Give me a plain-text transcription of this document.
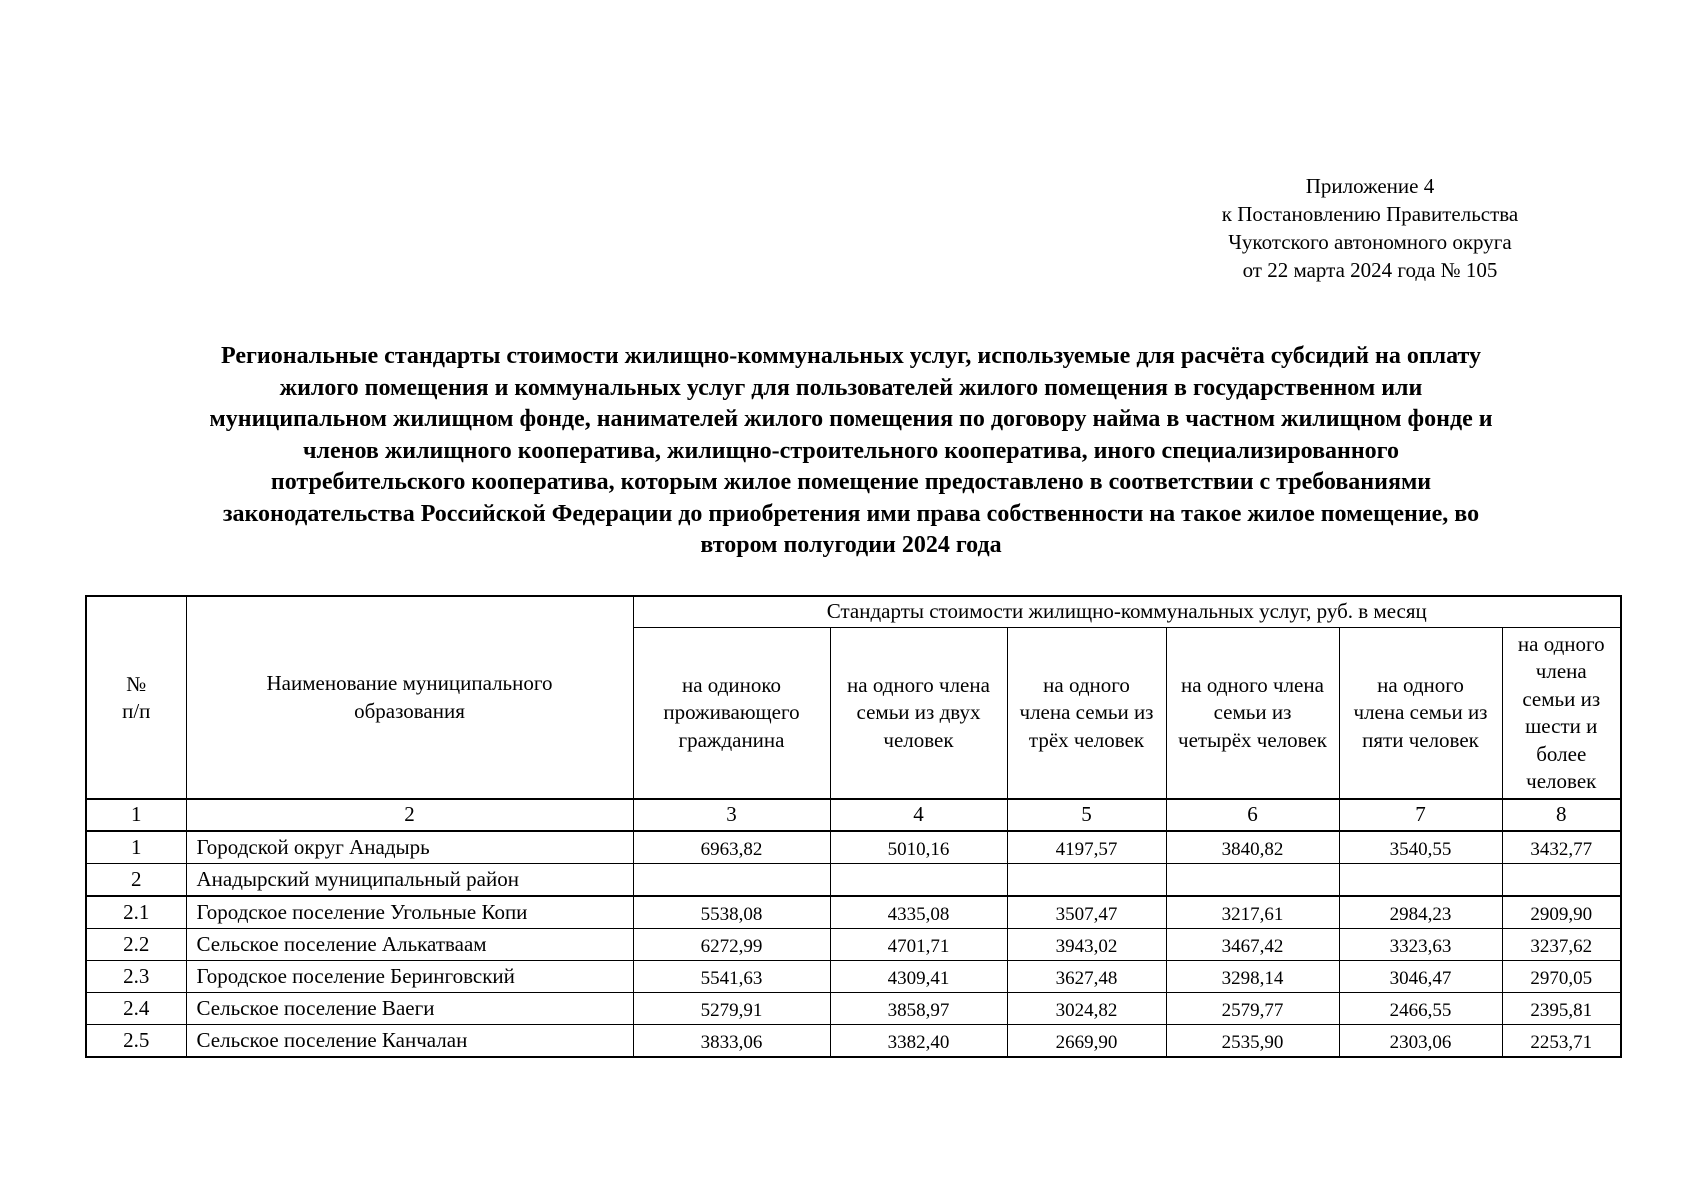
Приложение 4
к Постановлению Правительства
Чукотского автономного округа
от 22 марта 2024 года № 105
Региональные стандарты стоимости жилищно-коммунальных услуг, используемые для расчёта субсидий на оплату
жилого помещения и коммунальных услуг для пользователей жилого помещения в государственном или
муниципальном жилищном фонде, нанимателей жилого помещения по договору найма в частном жилищном фонде и
членов жилищного кооператива, жилищно-строительного кооператива, иного специализированного
потребительского кооператива, которым жилое помещение предоставлено в соответствии с требованиями
законодательства Российской Федерации до приобретения ими права собственности на такое жилое помещение, во
втором полугодии 2024 года
№ п/п	Наименование муниципального образования	Стандарты стоимости жилищно-коммунальных услуг, руб. в месяц					
		на одиноко проживающего гражданина	на одного члена семьи из двух человек	на одного члена семьи из трёх человек	на одного члена семьи из четырёх человек	на одного члена семьи из пяти человек	на одного члена семьи из шести и более человек
1	2	3	4	5	6	7	8
1	Городской округ Анадырь	6963,82	5010,16	4197,57	3840,82	3540,55	3432,77
2	Анадырский муниципальный район						
2.1	Городское поселение Угольные Копи	5538,08	4335,08	3507,47	3217,61	2984,23	2909,90
2.2	Сельское поселение Алькатваам	6272,99	4701,71	3943,02	3467,42	3323,63	3237,62
2.3	Городское поселение Беринговский	5541,63	4309,41	3627,48	3298,14	3046,47	2970,05
2.4	Сельское поселение Ваеги	5279,91	3858,97	3024,82	2579,77	2466,55	2395,81
2.5	Сельское поселение Канчалан	3833,06	3382,40	2669,90	2535,90	2303,06	2253,71
